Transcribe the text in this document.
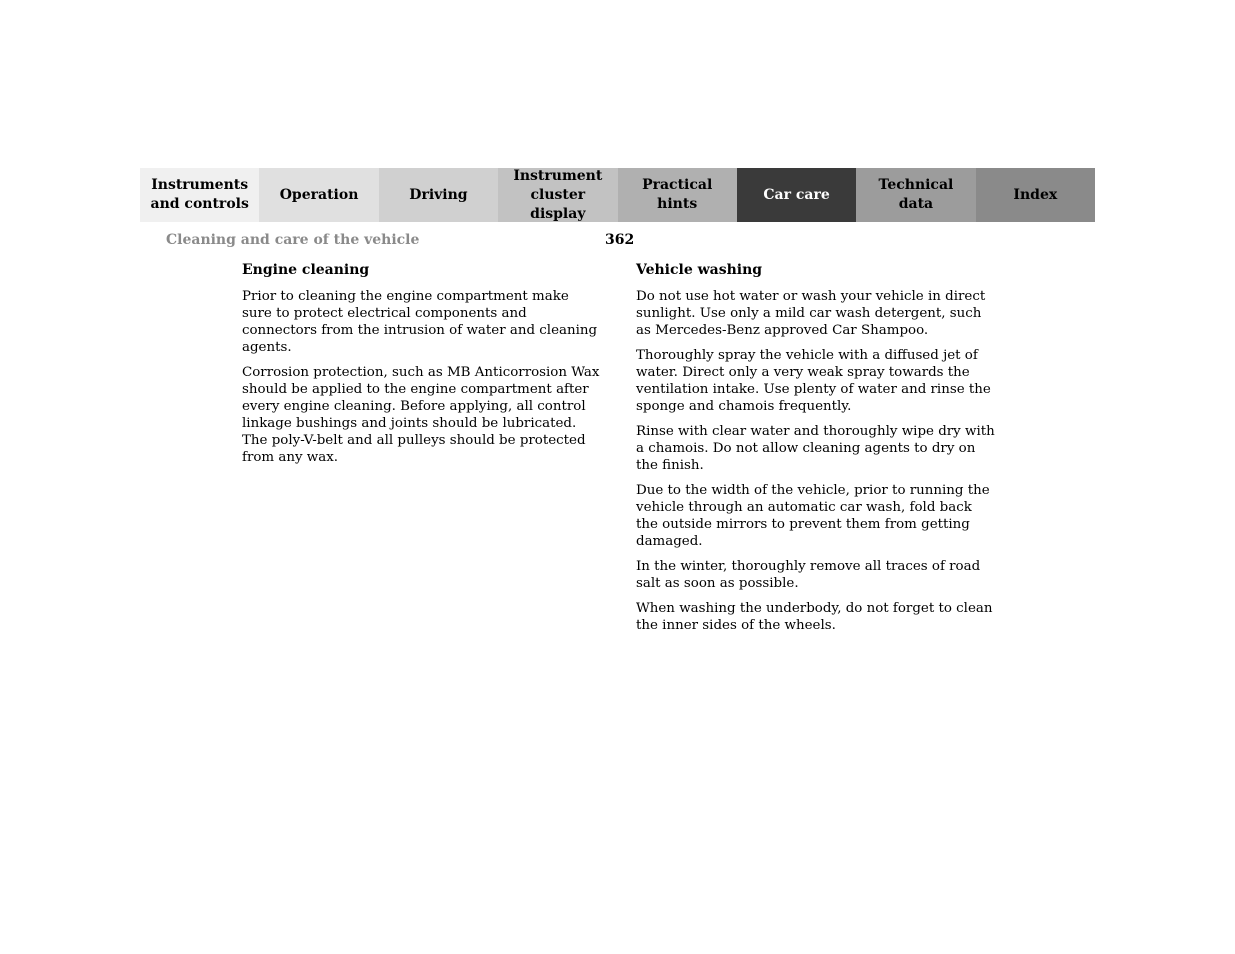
Instruments
and controls
Operation	Driving
Instrument
cluster display
Practical hints
Car care
Technical
data
Index
Cleaning and care of the vehicle	362
Engine cleaning

Prior to cleaning the engine compartment make sure to protect electrical components and connectors from the intrusion of water and cleaning agents.

Corrosion protection, such as MB Anticorrosion Wax should be applied to the engine compartment after every engine cleaning. Before applying, all control linkage bushings and joints should be lubricated. The poly-V-belt and all pulleys should be protected from any wax.

Vehicle washing

Do not use hot water or wash your vehicle in direct sunlight. Use only a mild car wash detergent, such as Mercedes-Benz approved Car Shampoo.

Thoroughly spray the vehicle with a diffused jet of water. Direct only a very weak spray towards the ventilation intake. Use plenty of water and rinse the sponge and chamois frequently.

Rinse with clear water and thoroughly wipe dry with a chamois. Do not allow cleaning agents to dry on the finish.

Due to the width of the vehicle, prior to running the vehicle through an automatic car wash, fold back the outside mirrors to prevent them from getting damaged.

In the winter, thoroughly remove all traces of road salt as soon as possible.

When washing the underbody, do not forget to clean the inner sides of the wheels.
